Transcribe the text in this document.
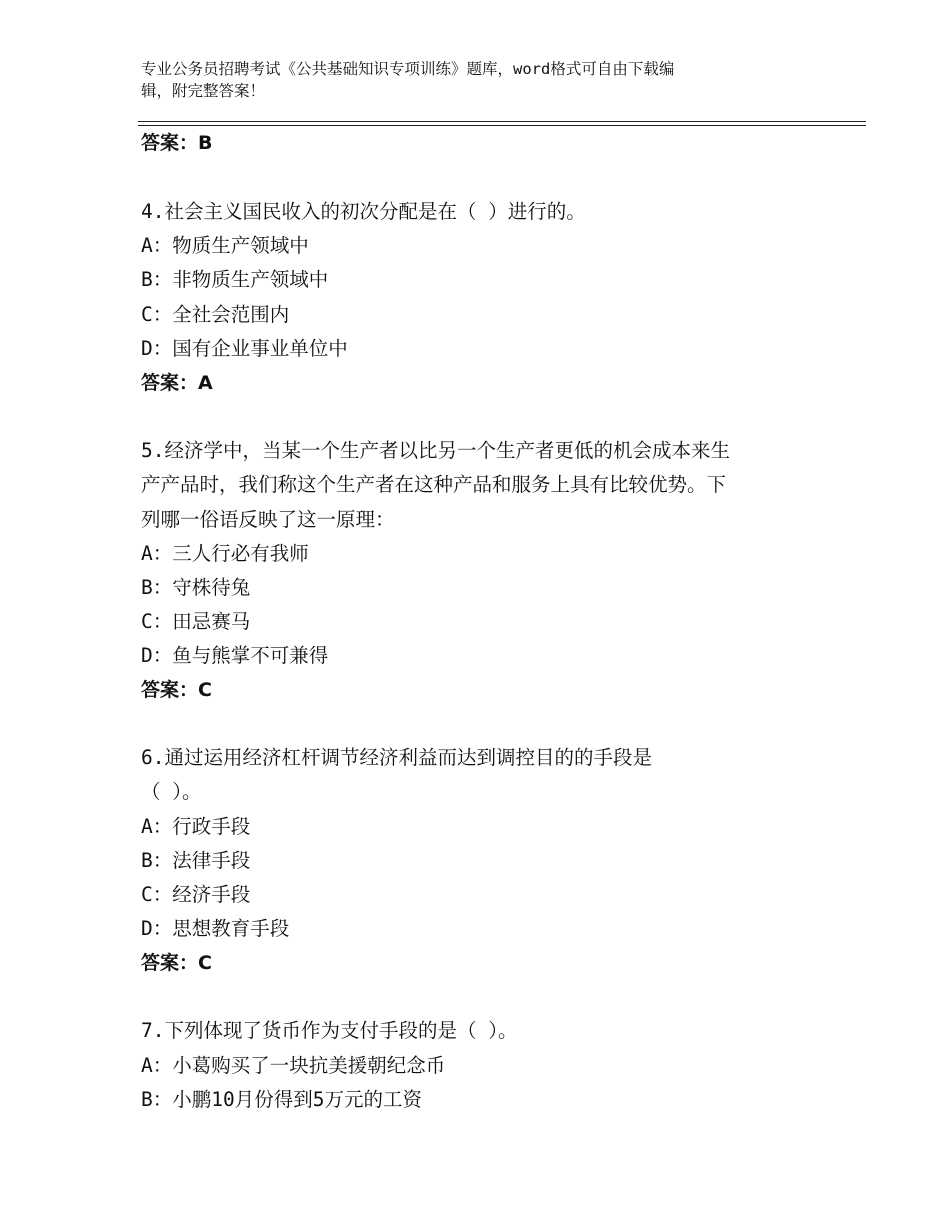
专业公务员招聘考试《公共基础知识专项训练》题库，word格式可自由下载编
辑，附完整答案！
答案：B
4.社会主义国民收入的初次分配是在（ ）进行的。
A：物质生产领域中
B：非物质生产领域中
C：全社会范围内
D：国有企业事业单位中
答案：A
5.经济学中，当某一个生产者以比另一个生产者更低的机会成本来生
产产品时，我们称这个生产者在这种产品和服务上具有比较优势。下
列哪一俗语反映了这一原理：
A：三人行必有我师
B：守株待兔
C：田忌赛马
D：鱼与熊掌不可兼得
答案：C
6.通过运用经济杠杆调节经济利益而达到调控目的的手段是
（ ）。
A：行政手段
B：法律手段
C：经济手段
D：思想教育手段
答案：C
7.下列体现了货币作为支付手段的是（ ）。
A：小葛购买了一块抗美援朝纪念币
B：小鹏10月份得到5万元的工资
